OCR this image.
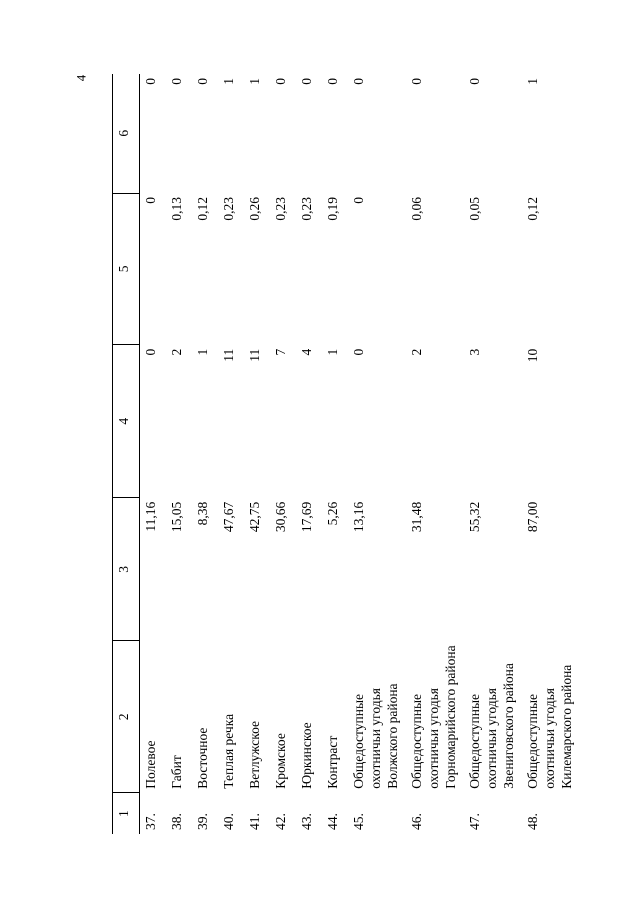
4
1	2	3	4	5	6
37.	Полевое	11,16	0	0	0
38.	Габит	15,05	2	0,13	0
39.	Восточное	8,38	1	0,12	0
40.	Теплая речка	47,67	11	0,23	1
41.	Ветлужское	42,75	11	0,26	1
42.	Кромское	30,66	7	0,23	0
43.	Юркинское	17,69	4	0,23	0
44.	Контраст	5,26	1	0,19	0
45.	Общедоступные охотничьи угодья Волжского района	13,16	0	0	0
46.	Общедоступные охотничьи угодья Горномарийского района	31,48	2	0,06	0
47.	Общедоступные охотничьи угодья Звениговского района	55,32	3	0,05	0
48.	Общедоступные охотничьи угодья Килемарского района	87,00	10	0,12	1
